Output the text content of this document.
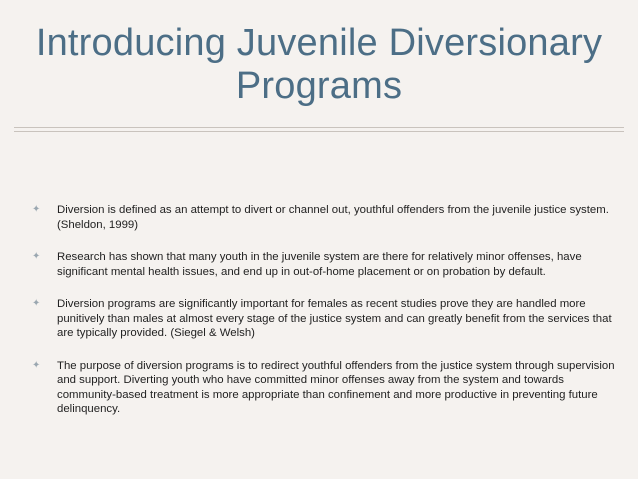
Introducing Juvenile Diversionary
Programs
✦ Diversion is defined as an attempt to divert or channel out, youthful offenders from the juvenile justice system. (Sheldon, 1999)
✦ Research has shown that many youth in the juvenile system are there for relatively minor offenses, have significant mental health issues, and end up in out-of-home placement or on probation by default.
✦ Diversion programs are significantly important for females as recent studies prove they are handled more punitively than males at almost every stage of the justice system and can greatly benefit from the services that are typically provided. (Siegel & Welsh)
✦ The purpose of diversion programs is to redirect youthful offenders from the justice system through supervision and support. Diverting youth who have committed minor offenses away from the system and towards community-based treatment is more appropriate than confinement and more productive in preventing future delinquency.
